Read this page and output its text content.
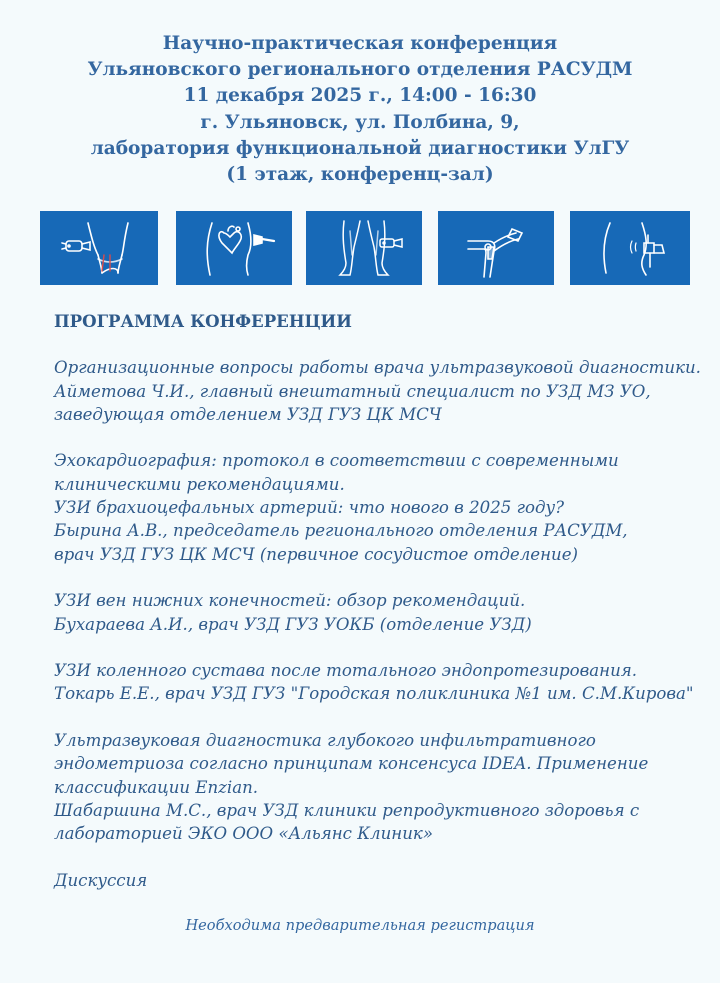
Научно-практическая конференция
Ульяновского регионального отделения РАСУДМ
11 декабря 2025 г., 14:00 - 16:30
г. Ульяновск, ул. Полбина, 9,
лаборатория функциональной диагностики УлГУ
(1 этаж, конференц-зал)
ПРОГРАММА КОНФЕРЕНЦИИ
Организационные вопросы работы врача ультразвуковой диагностики.
Айметова Ч.И., главный внештатный специалист по УЗД МЗ УО,
заведующая отделением УЗД ГУЗ ЦК МСЧ
Эхокардиография: протокол в соответствии с современными
клиническими рекомендациями.
УЗИ брахиоцефальных артерий: что нового в 2025 году?
Бырина А.В., председатель регионального отделения РАСУДМ,
врач УЗД ГУЗ ЦК МСЧ (первичное сосудистое отделение)
УЗИ вен нижних конечностей: обзор рекомендаций.
Бухараева А.И., врач УЗД ГУЗ УОКБ (отделение УЗД)
УЗИ коленного сустава после тотального эндопротезирования.
Токарь Е.Е., врач УЗД ГУЗ "Городская поликлиника №1 им. С.М.Кирова"
Ультразвуковая диагностика глубокого инфильтративного
эндометриоза согласно принципам консенсуса IDEA. Применение
классификации Enzian.
Шабаршина М.С., врач УЗД клиники репродуктивного здоровья с
лабораторией ЭКО ООО «Альянс Клиник»
Дискуссия
Необходима предварительная регистрация
